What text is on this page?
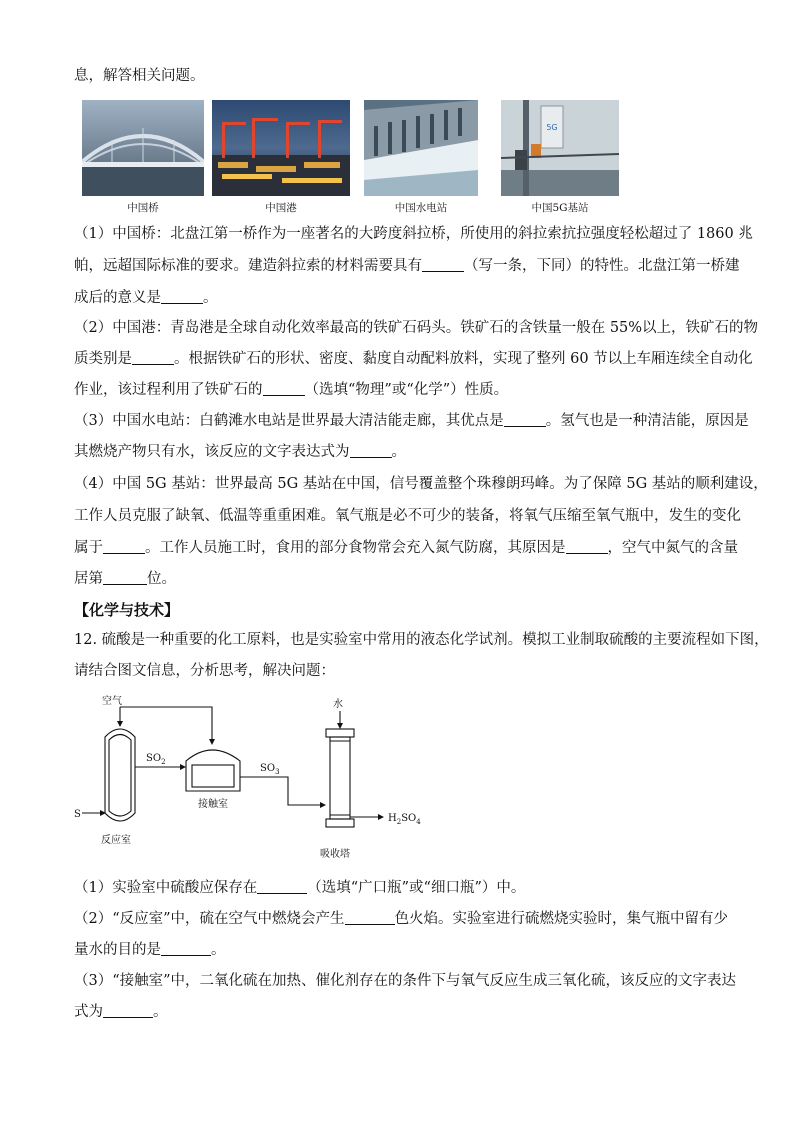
息，解答相关问题。
5G
中国桥	中国港	中国水电站	中国5G基站
（1）中国桥：北盘江第一桥作为一座著名的大跨度斜拉桥，所使用的斜拉索抗拉强度轻松超过了 1860 兆
帕，远超国际标准的要求。建造斜拉索的材料需要具有	（写一条，下同）的特性。北盘江第一桥建
成后的意义是	。
（2）中国港：青岛港是全球自动化效率最高的铁矿石码头。铁矿石的含铁量一般在 55%以上，铁矿石的物
质类别是	。根据铁矿石的形状、密度、黏度自动配料放料，实现了整列 60 节以上车厢连续全自动化
作业，该过程利用了铁矿石的	（选填“物理”或“化学”）性质。
（3）中国水电站：白鹤滩水电站是世界最大清洁能走廊，其优点是	。氢气也是一种清洁能，原因是
其燃烧产物只有水，该反应的文字表达式为	。
（4）中国 5G 基站：世界最高 5G 基站在中国，信号覆盖整个珠穆朗玛峰。为了保障 5G 基站的顺利建设，
工作人员克服了缺氧、低温等重重困难。氧气瓶是必不可少的装备，将氧气压缩至氧气瓶中，发生的变化
属于	。工作人员施工时，食用的部分食物常会充入氮气防腐，其原因是	，空气中氮气的含量
居第	位。
【化学与技术】
12. 硫酸是一种重要的化工原料，也是实验室中常用的液态化学试剂。模拟工业制取硫酸的主要流程如下图，
请结合图文信息，分析思考，解决问题：
空气	水
$SO_2$
$SO_3$
S
接触室
反应室
吸收塔
$H_2SO_4$
（1）实验室中硫酸应保存在	（选填“广口瓶”或“细口瓶”）中。
（2）“反应室”中，硫在空气中燃烧会产生	色火焰。实验室进行硫燃烧实验时，集气瓶中留有少
量水的目的是	。
（3）“接触室”中，二氧化硫在加热、催化剂存在的条件下与氧气反应生成三氧化硫，该反应的文字表达
式为	。
